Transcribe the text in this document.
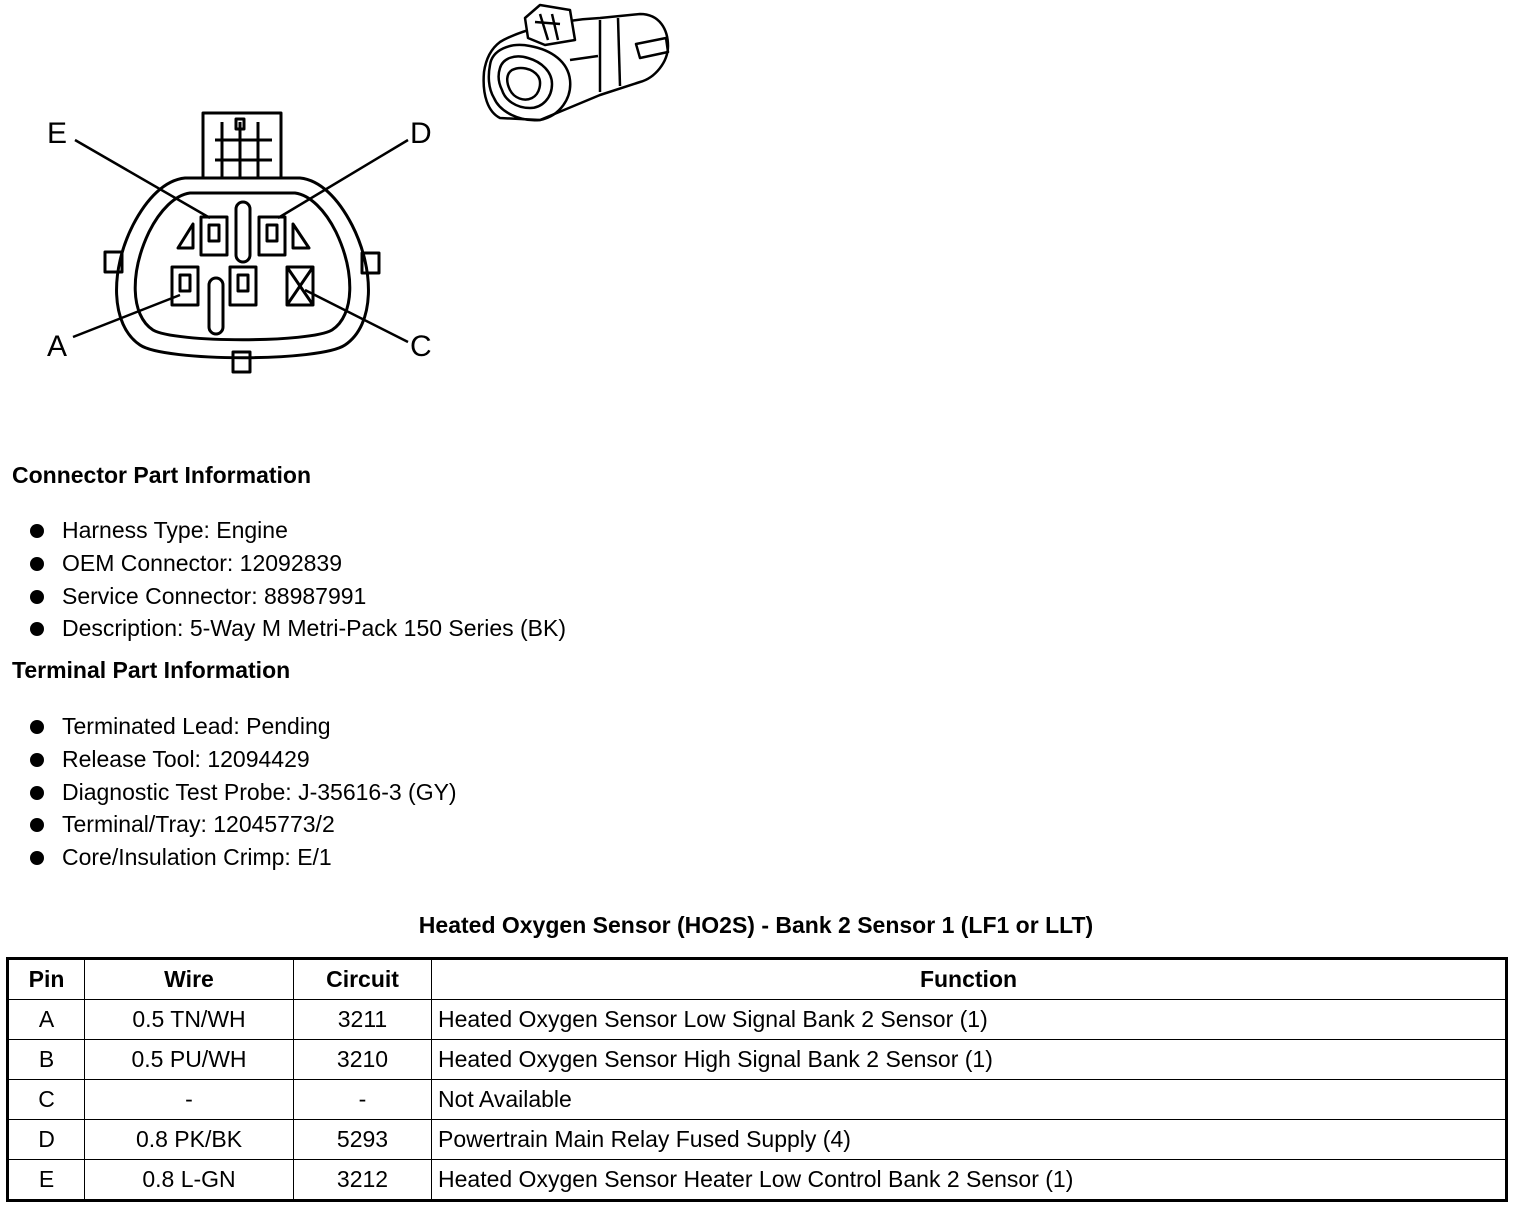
E	D
A	C
Connector Part Information
Harness Type: Engine
OEM Connector: 12092839
Service Connector: 88987991
Description: 5-Way M Metri-Pack 150 Series (BK)
Terminal Part Information
Terminated Lead: Pending
Release Tool: 12094429
Diagnostic Test Probe: J-35616-3 (GY)
Terminal/Tray: 12045773/2
Core/Insulation Crimp: E/1
Heated Oxygen Sensor (HO2S) - Bank 2 Sensor 1 (LF1 or LLT)
Pin	Wire	Circuit	Function
A	0.5 TN/WH	3211	Heated Oxygen Sensor Low Signal Bank 2 Sensor (1)
B	0.5 PU/WH	3210	Heated Oxygen Sensor High Signal Bank 2 Sensor (1)
C	-	-	Not Available
D	0.8 PK/BK	5293	Powertrain Main Relay Fused Supply (4)
E	0.8 L-GN	3212	Heated Oxygen Sensor Heater Low Control Bank 2 Sensor (1)
